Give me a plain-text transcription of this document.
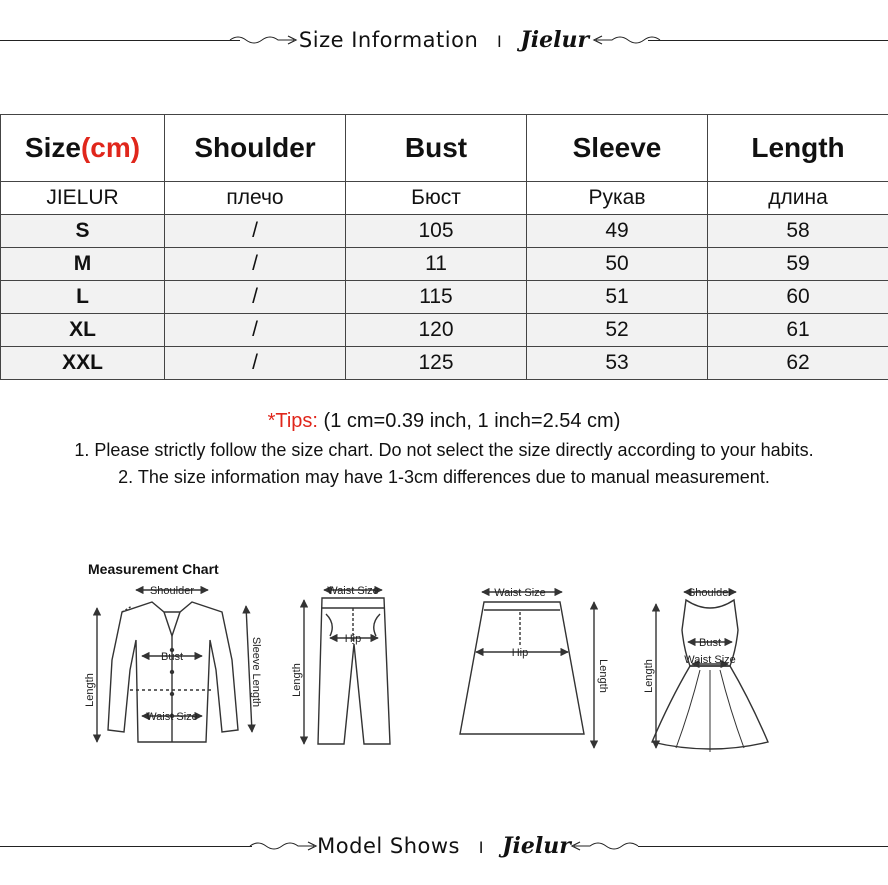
Size Information I Jielur
Size(cm)	Shoulder	Bust	Sleeve	Length
JIELUR	плечо	Бюст	Рукав	длина
S	/	105	49	58
M	/	11	50	59
L	/	115	51	60
XL	/	120	52	61
XXL	/	125	53	62
*Tips: (1 cm=0.39 inch, 1 inch=2.54 cm)
1. Please strictly follow the size chart. Do not select the size directly according to your habits.
2. The size information may have 1-3cm differences due to manual measurement.
Measurement Chart
Shoulder
Bust
Waist Size
Length	Sleeve Length
Waist Size
Hip
Length
Waist Size
Hip
Length
Shoulder
Bust
Waist Size
Length
Model Shows I Jielur
